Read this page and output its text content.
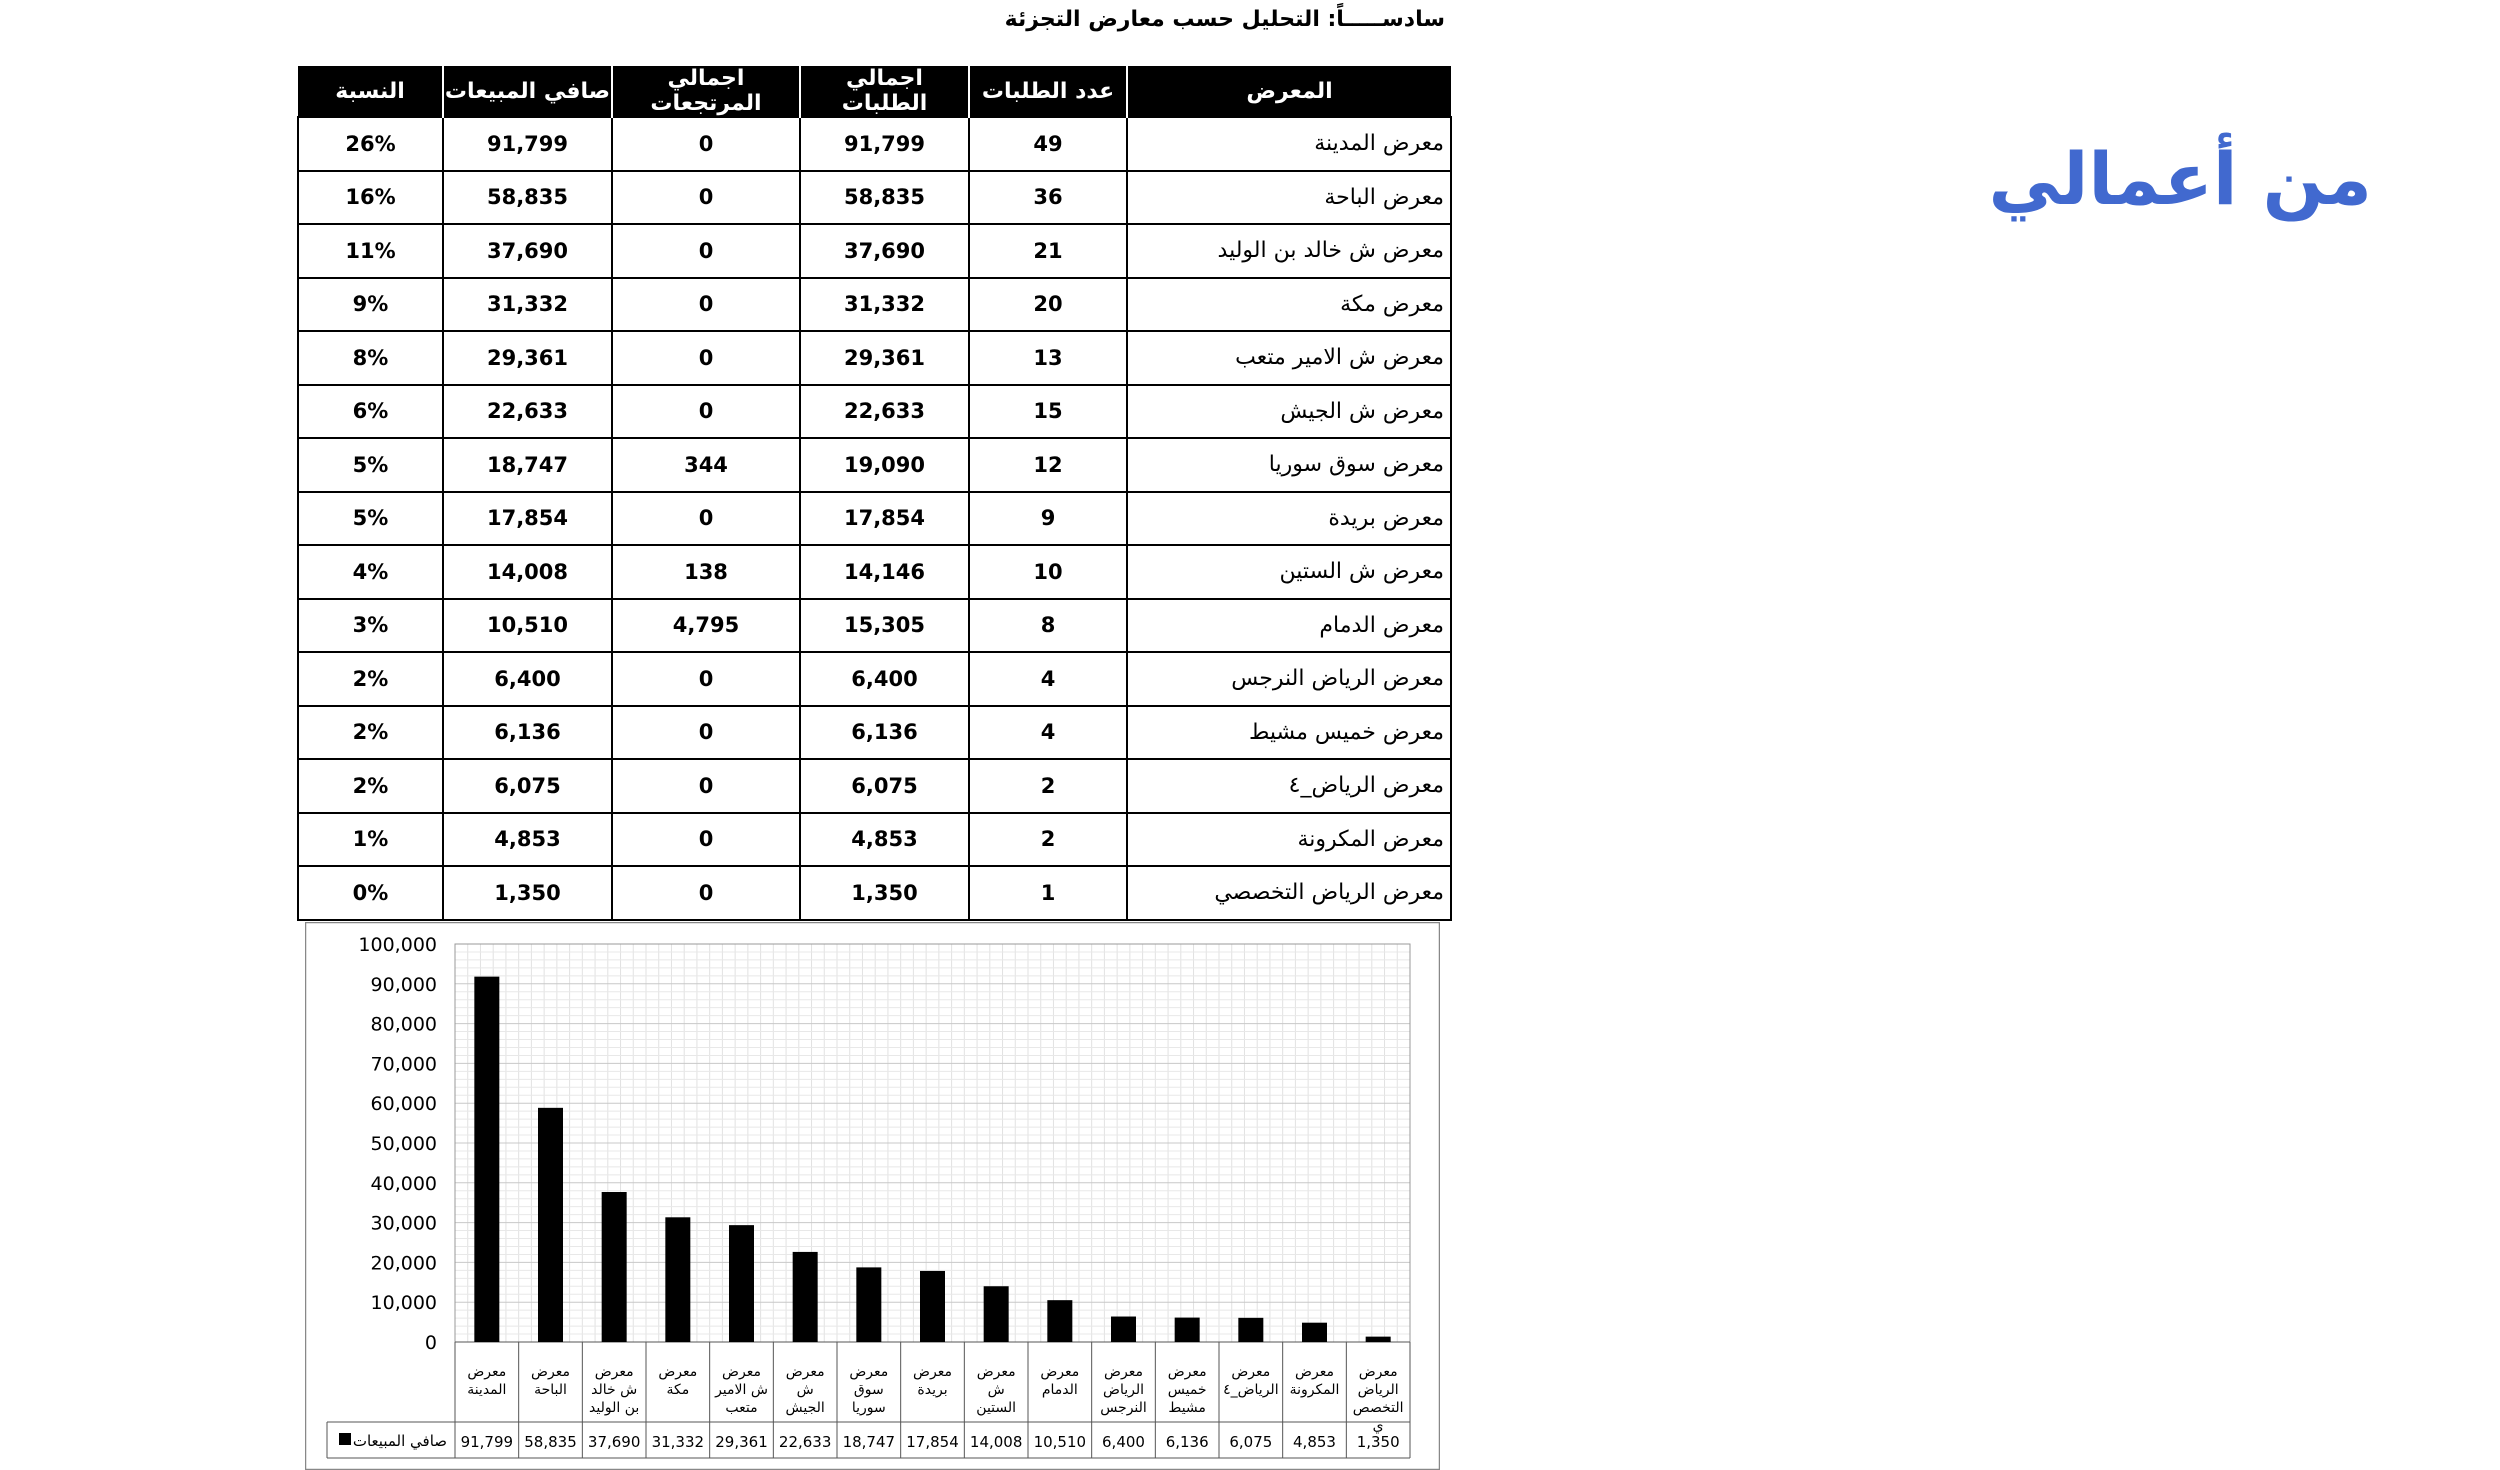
سادســـــاً: التحليل حسب معارض التجزئة
من أعمالي
المعرض	عدد الطلبات	اجمالي الطلبات	اجمالي المرتجعات	صافي المبيعات	النسبة
معرض المدينة	49	91,799	0	91,799	26%
معرض الباحة	36	58,835	0	58,835	16%
معرض ش خالد بن الوليد	21	37,690	0	37,690	11%
معرض مكة	20	31,332	0	31,332	9%
معرض ش الامير متعب	13	29,361	0	29,361	8%
معرض ش الجيش	15	22,633	0	22,633	6%
معرض سوق سوريا	12	19,090	344	18,747	5%
معرض بريدة	9	17,854	0	17,854	5%
معرض ش الستين	10	14,146	138	14,008	4%
معرض الدمام	8	15,305	4,795	10,510	3%
معرض الرياض النرجس	4	6,400	0	6,400	2%
معرض خميس مشيط	4	6,136	0	6,136	2%
معرض الرياض_٤	2	6,075	0	6,075	2%
معرض المكرونة	2	4,853	0	4,853	1%
معرض الرياض التخصصي	1	1,350	0	1,350	0%
0
10,000
20,000
30,000
40,000
50,000
60,000
70,000
80,000
90,000
100,000
معرض
المدينة
91,799
معرض
الباحة
58,835
معرض
ش خالد
بن الوليد
37,690
معرض
مكة
31,332
معرض
ش الامير
متعب
29,361
معرض
ش
الجيش
22,633
معرض
سوق
سوريا
18,747
معرض
بريدة
17,854
معرض
ش
الستين
14,008
معرض
الدمام
10,510
معرض
الرياض
النرجس
6,400
معرض
خميس
مشيط
6,136
معرض
الرياض_٤
6,075
معرض
المكرونة
4,853
معرض
الرياض
التخصص
ي
1,350
صافي المبيعات
